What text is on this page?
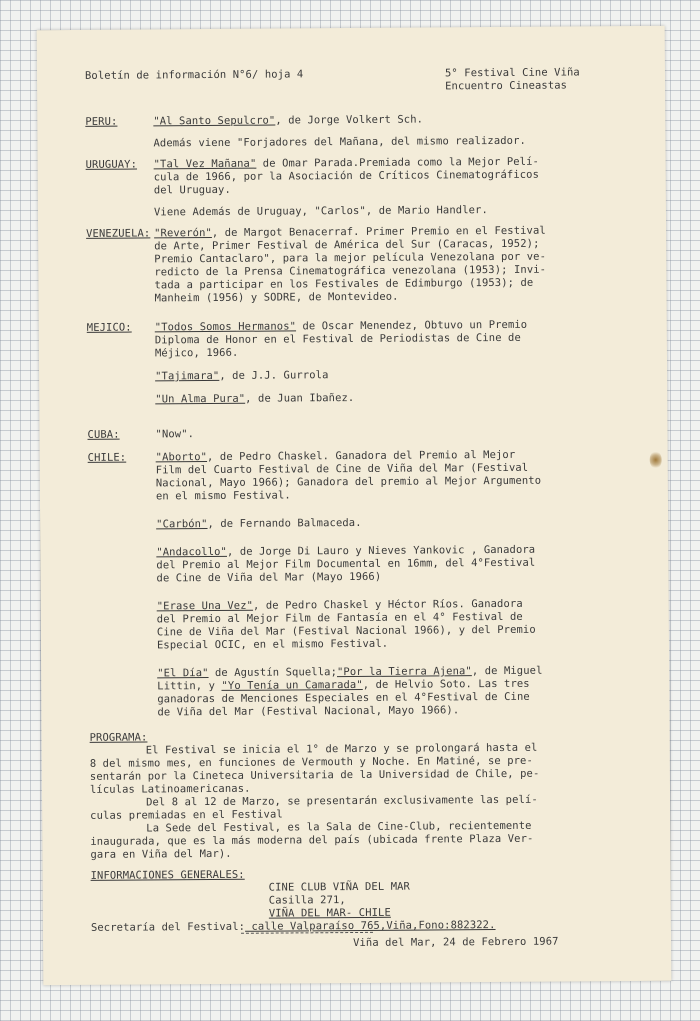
Boletín de información N°6/ hoja 4	5° Festival Cine Viña
Encuentro Cineastas
PERU:	"Al Santo Sepulcro", de Jorge Volkert Sch.
Además viene "Forjadores del Mañana, del mismo realizador.
URUGUAY:	"Tal Vez Mañana" de Omar Parada.Premiada como la Mejor Pelí-
cula de 1966, por la Asociación de Críticos Cinematográficos
del Uruguay.
Viene Además de Uruguay, "Carlos", de Mario Handler.
VENEZUELA: "Reverón", de Margot Benacerraf. Primer Premio en el Festival
de Arte, Primer Festival de América del Sur (Caracas, 1952);
Premio Cantaclaro", para la mejor película Venezolana por ve-
redicto de la Prensa Cinematográfica venezolana (1953); Invi-
tada a participar en los Festivales de Edimburgo (1953); de
Manheim (1956) y SODRE, de Montevideo.
MEJICO:	"Todos Somos Hermanos" de Oscar Menendez, Obtuvo un Premio
Diploma de Honor en el Festival de Periodistas de Cine de
Méjico, 1966.
"Tajimara", de J.J. Gurrola
"Un Alma Pura", de Juan Ibañez.
CUBA:	"Now".
CHILE:	"Aborto", de Pedro Chaskel. Ganadora del Premio al Mejor
Film del Cuarto Festival de Cine de Viña del Mar (Festival
Nacional, Mayo 1966); Ganadora del premio al Mejor Argumento
en el mismo Festival.
"Carbón", de Fernando Balmaceda.
"Andacollo", de Jorge Di Lauro y Nieves Yankovic , Ganadora
del Premio al Mejor Film Documental en 16mm, del 4°Festival
de Cine de Viña del Mar (Mayo 1966)
"Erase Una Vez", de Pedro Chaskel y Héctor Ríos. Ganadora
del Premio al Mejor Film de Fantasía en el 4° Festival de
Cine de Viña del Mar (Festival Nacional 1966), y del Premio
Especial OCIC, en el mismo Festival.
"El Día" de Agustín Squella;"Por la Tierra Ajena", de Miguel
Littin, y "Yo Tenía un Camarada", de Helvio Soto. Las tres
ganadoras de Menciones Especiales en el 4°Festival de Cine
de Viña del Mar (Festival Nacional, Mayo 1966).
PROGRAMA:
El Festival se inicia el 1° de Marzo y se prolongará hasta el
8 del mismo mes, en funciones de Vermouth y Noche. En Matiné, se pre-
sentarán por la Cineteca Universitaria de la Universidad de Chile, pe-
lículas Latinoamericanas.
Del 8 al 12 de Marzo, se presentarán exclusivamente las pelí-
culas premiadas en el Festival
La Sede del Festival, es la Sala de Cine-Club, recientemente
inaugurada, que es la más moderna del país (ubicada frente Plaza Ver-
gara en Viña del Mar).
INFORMACIONES GENERALES:
CINE CLUB VIÑA DEL MAR
Casilla 271,
VIÑA DEL MAR- CHILE
Secretaría del Festival: calle Valparaíso 765,Viña,Fono:882322.
Viña del Mar, 24 de Febrero 1967
